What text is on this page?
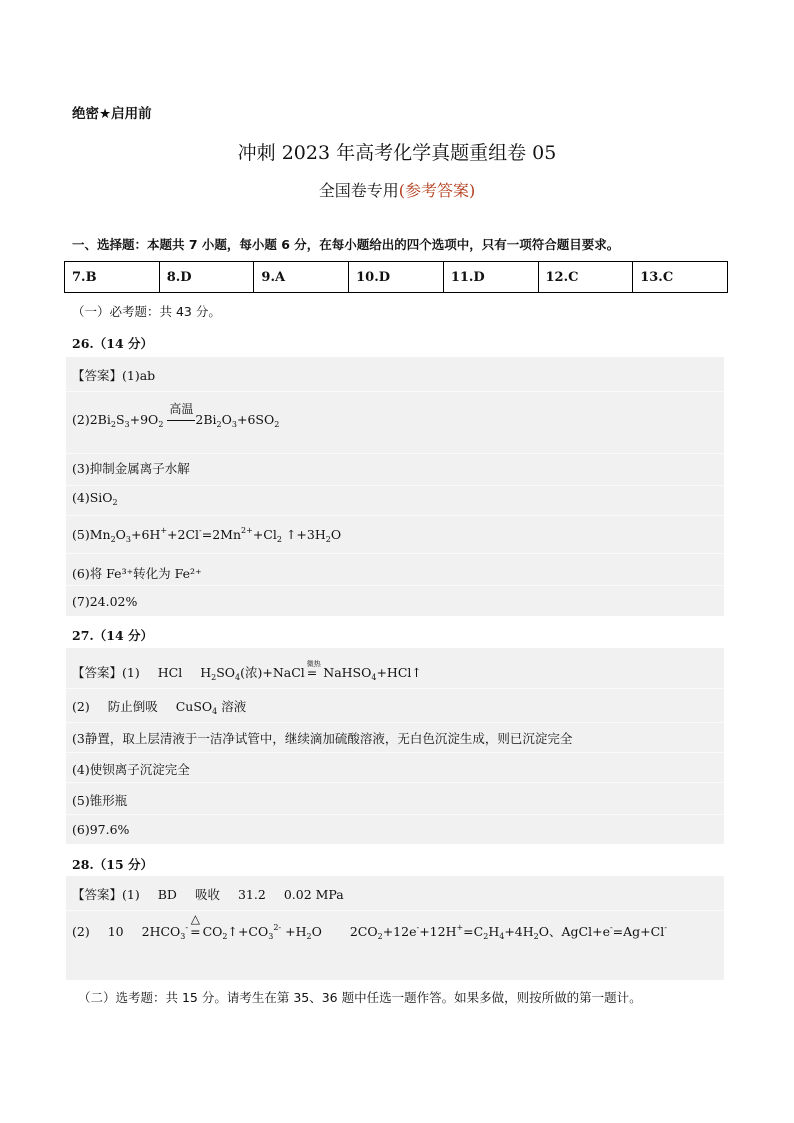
绝密★启用前
冲刺 2023 年高考化学真题重组卷 05
全国卷专用(参考答案)
一、选择题：本题共 7 小题，每小题 6 分，在每小题给出的四个选项中，只有一项符合题目要求。
7.B	8.D	9.A	10.D	11.D	12.C	13.C
（一）必考题：共 43 分。
26.（14 分）
【答案】(1)ab
$(2)2Bi_2S_3+9O_2$
高温
$2Bi_2O_3+6SO_2$
(3)抑制金属离子水解
(4)SiO$_2$
$(5)Mn_2O_3+6H^++2Cl^-=2Mn^{2+}+Cl_2$ $↑+3H_2O$
(6)将 Fe³⁺转化为 Fe²⁺
(7)24.02%
27.（14 分）
【答案】(1) HCl $H_2SO_4$(浓)+NaCl
微热
= NaHSO$_4$+HCl↑
(2) 防止倒吸 CuSO$_4$ 溶液
(3静置，取上层清液于一洁净试管中，继续滴加硫酸溶液，无白色沉淀生成，则已沉淀完全
(4)使钡离子沉淀完全
(5)锥形瓶
(6)97.6%
28.（15 分）
【答案】(1) BD 吸收 31.2 0.02 MPa
(2) 10 $2HCO_3^-$
△
= $CO_2↑+CO_3^{2-} +H_2O$ $2CO_2+12e^-+12H^+=C_2H_4+4H_2O$、AgCl+e-=Ag+Cl-
（二）选考题：共 15 分。请考生在第 35、36 题中任选一题作答。如果多做，则按所做的第一题计。
